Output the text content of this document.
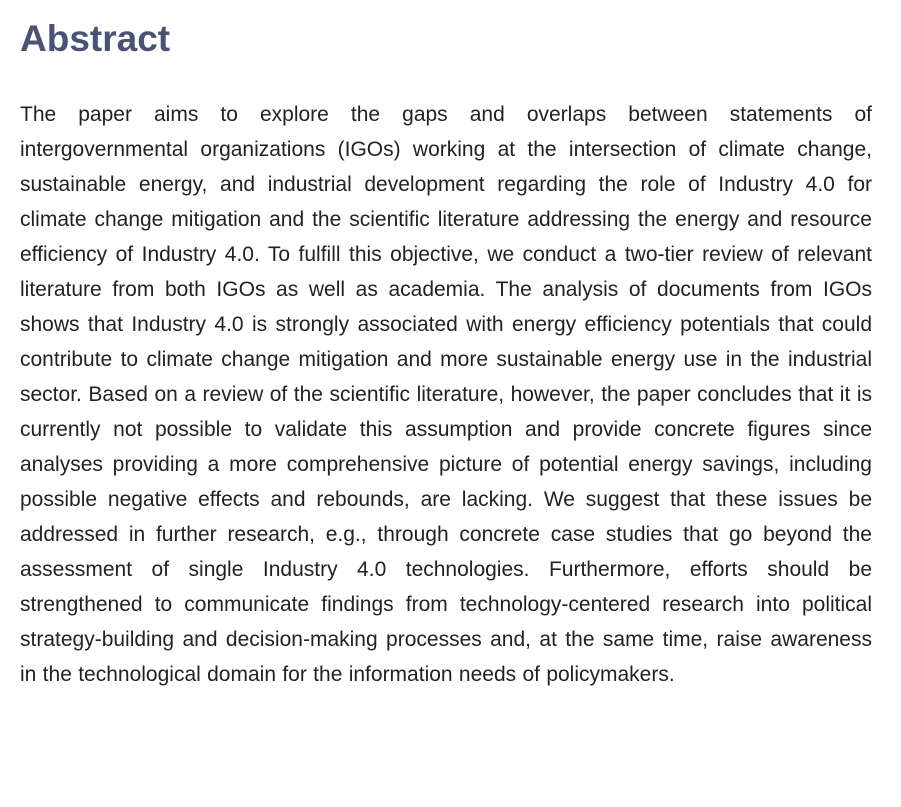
Abstract

The paper aims to explore the gaps and overlaps between statements of intergovernmental organizations (IGOs) working at the intersection of climate change, sustainable energy, and industrial development regarding the role of Industry 4.0 for climate change mitigation and the scientific literature addressing the energy and resource efficiency of Industry 4.0. To fulfill this objective, we conduct a two-tier review of relevant literature from both IGOs as well as academia. The analysis of documents from IGOs shows that Industry 4.0 is strongly associated with energy efficiency potentials that could contribute to climate change mitigation and more sustainable energy use in the industrial sector. Based on a review of the scientific literature, however, the paper concludes that it is currently not possible to validate this assumption and provide concrete figures since analyses providing a more comprehensive picture of potential energy savings, including possible negative effects and rebounds, are lacking. We suggest that these issues be addressed in further research, e.g., through concrete case studies that go beyond the assessment of single Industry 4.0 technologies. Furthermore, efforts should be strengthened to communicate findings from technology-centered research into political strategy-building and decision-making processes and, at the same time, raise awareness in the technological domain for the information needs of policymakers.
